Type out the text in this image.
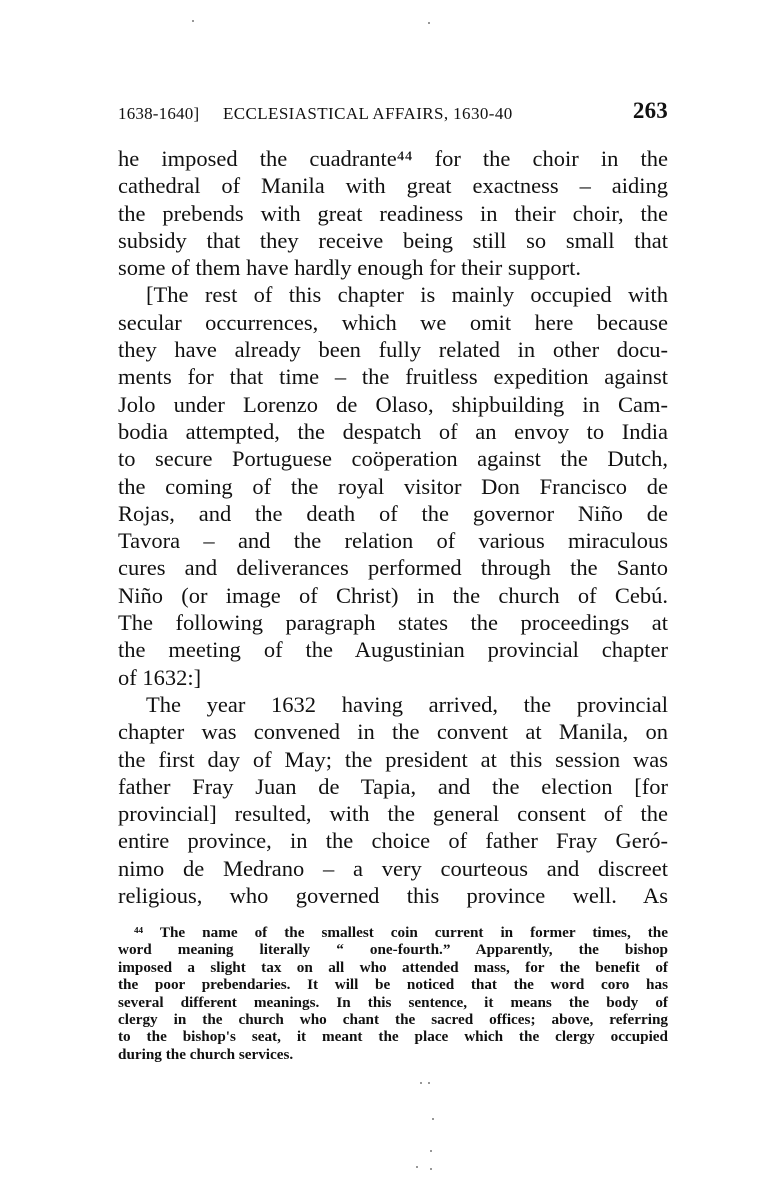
1638-1640] ECCLESIASTICAL AFFAIRS, 1630-40	263
he imposed the cuadrante⁴⁴ for the choir in the
cathedral of Manila with great exactness – aiding
the prebends with great readiness in their choir, the
subsidy that they receive being still so small that
some of them have hardly enough for their support.
[The rest of this chapter is mainly occupied with
secular occurrences, which we omit here because
they have already been fully related in other docu-
ments for that time – the fruitless expedition against
Jolo under Lorenzo de Olaso, shipbuilding in Cam-
bodia attempted, the despatch of an envoy to India
to secure Portuguese coöperation against the Dutch,
the coming of the royal visitor Don Francisco de
Rojas, and the death of the governor Niño de
Tavora – and the relation of various miraculous
cures and deliverances performed through the Santo
Niño (or image of Christ) in the church of Cebú.
The following paragraph states the proceedings at
the meeting of the Augustinian provincial chapter
of 1632:]
The year 1632 having arrived, the provincial
chapter was convened in the convent at Manila, on
the first day of May; the president at this session was
father Fray Juan de Tapia, and the election [for
provincial] resulted, with the general consent of the
entire province, in the choice of father Fray Geró-
nimo de Medrano – a very courteous and discreet
religious, who governed this province well. As
⁴⁴ The name of the smallest coin current in former times, the
word meaning literally “ one-fourth.” Apparently, the bishop
imposed a slight tax on all who attended mass, for the benefit of
the poor prebendaries. It will be noticed that the word coro has
several different meanings. In this sentence, it means the body of
clergy in the church who chant the sacred offices; above, referring
to the bishop's seat, it meant the place which the clergy occupied
during the church services.
